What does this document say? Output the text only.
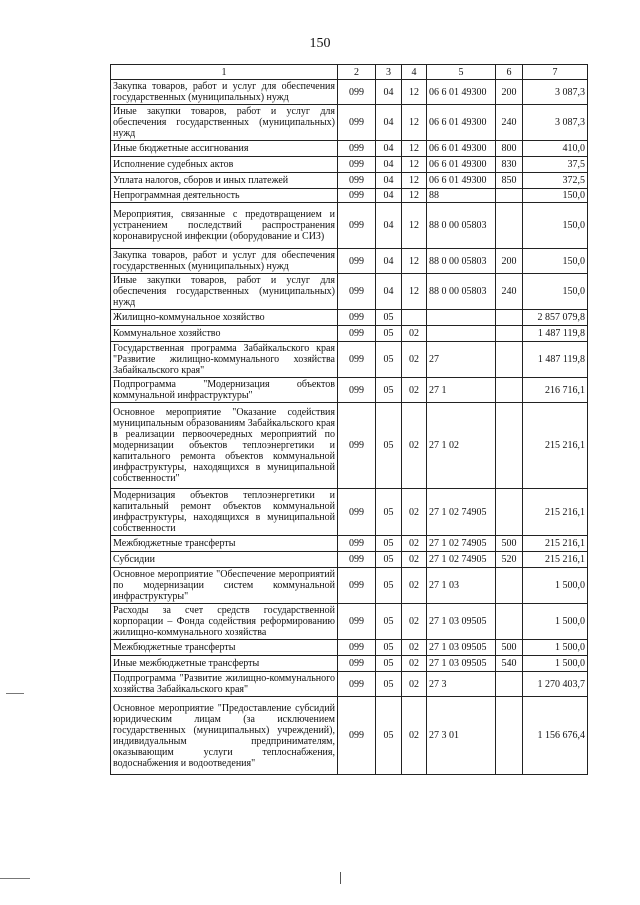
150
1	2	3	4	5	6	7
Закупка товаров, работ и услуг для обеспечения государственных (муниципальных) нужд	099	04	12	06 6 01 49300	200	3 087,3
Иные закупки товаров, работ и услуг для обеспечения государственных (муниципальных) нужд	099	04	12	06 6 01 49300	240	3 087,3
Иные бюджетные ассигнования	099	04	12	06 6 01 49300	800	410,0
Исполнение судебных актов	099	04	12	06 6 01 49300	830	37,5
Уплата налогов, сборов и иных платежей	099	04	12	06 6 01 49300	850	372,5
Непрограммная деятельность	099	04	12	88		150,0
Мероприятия, связанные с предотвращением и устранением последствий распространения коронавирусной инфекции (оборудование и СИЗ)	099	04	12	88 0 00 05803		150,0
Закупка товаров, работ и услуг для обеспечения государственных (муниципальных) нужд	099	04	12	88 0 00 05803	200	150,0
Иные закупки товаров, работ и услуг для обеспечения государственных (муниципальных) нужд	099	04	12	88 0 00 05803	240	150,0
Жилищно-коммунальное хозяйство	099	05				2 857 079,8
Коммунальное хозяйство	099	05	02			1 487 119,8
Государственная программа Забайкальского края "Развитие жилищно-коммунального хозяйства Забайкальского края"	099	05	02	27		1 487 119,8
Подпрограмма "Модернизация объектов коммунальной инфраструктуры"	099	05	02	27 1		216 716,1
Основное мероприятие "Оказание содействия муниципальным образованиям Забайкальского края в реализации первоочередных мероприятий по модернизации объектов теплоэнергетики и капитального ремонта объектов коммунальной инфраструктуры, находящихся в муниципальной собственности"	099	05	02	27 1 02		215 216,1
Модернизация объектов теплоэнергетики и капитальный ремонт объектов коммунальной инфраструктуры, находящихся в муниципальной собственности	099	05	02	27 1 02 74905		215 216,1
Межбюджетные трансферты	099	05	02	27 1 02 74905	500	215 216,1
Субсидии	099	05	02	27 1 02 74905	520	215 216,1
Основное мероприятие "Обеспечение мероприятий по модернизации систем коммунальной инфраструктуры"	099	05	02	27 1 03		1 500,0
Расходы за счет средств государственной корпорации – Фонда содействия реформированию жилищно-коммунального хозяйства	099	05	02	27 1 03 09505		1 500,0
Межбюджетные трансферты	099	05	02	27 1 03 09505	500	1 500,0
Иные межбюджетные трансферты	099	05	02	27 1 03 09505	540	1 500,0
Подпрограмма "Развитие жилищно-коммунального хозяйства Забайкальского края"	099	05	02	27 3		1 270 403,7
Основное мероприятие "Предоставление субсидий юридическим лицам (за исключением государственных (муниципальных) учреждений), индивидуальным предпринимателям, оказывающим услуги теплоснабжения, водоснабжения и водоотведения"	099	05	02	27 3 01		1 156 676,4
